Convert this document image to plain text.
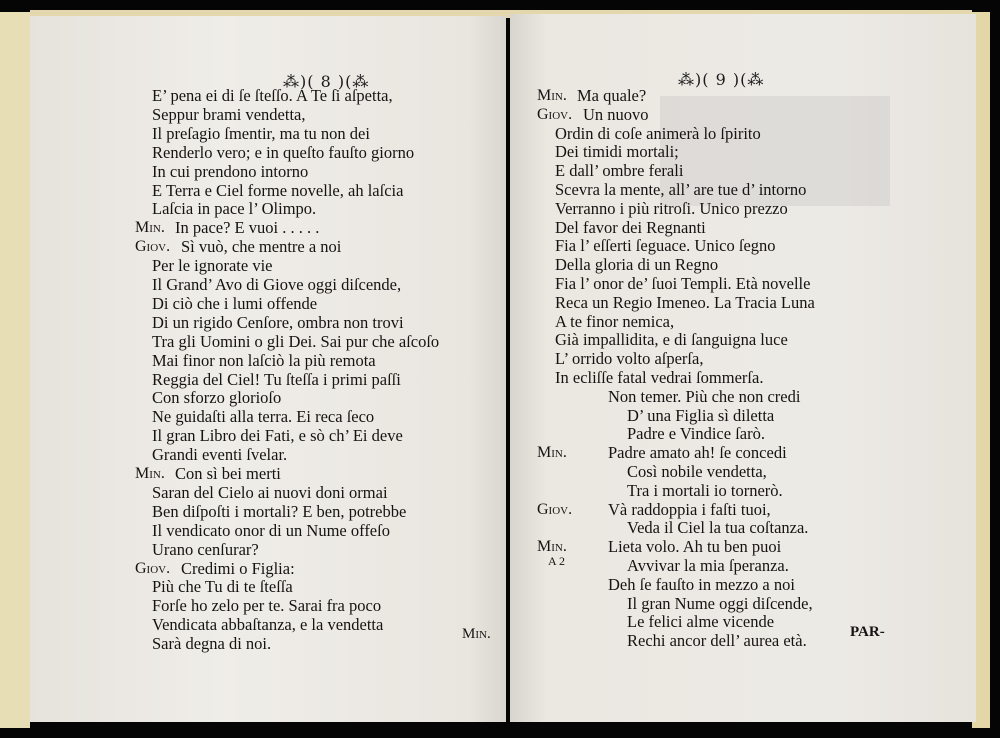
⁂)( 8 )(⁂
Min.
E’ pena ei di ſe ſteſſo. A Te ſi aſpetta,
Seppur brami vendetta,
Il preſagio ſmentir, ma tu non dei
Renderlo vero; e in queſto fauſto giorno
In cui prendono intorno
E Terra e Ciel forme novelle, ah laſcia
Laſcia in pace l’ Olimpo.
Min. In pace? E vuoi . . . . .
Giov. Sì vuò, che mentre a noi
Per le ignorate vie
Il Grand’ Avo di Giove oggi diſcende,
Di ciò che i lumi offende
Di un rigido Cenſore, ombra non trovi
Tra gli Uomini o gli Dei. Sai pur che aſcoſo
Mai finor non laſciò la più remota
Reggia del Ciel! Tu ſteſſa i primi paſſi
Con sforzo glorioſo
Ne guidaſti alla terra. Ei reca ſeco
Il gran Libro dei Fati, e sò ch’ Ei deve
Grandi eventi ſvelar.
Min. Con sì bei merti
Saran del Cielo ai nuovi doni ormai
Ben diſpoſti i mortali? E ben, potrebbe
Il vendicato onor di un Nume offeſo
Urano cenſurar?
Giov. Credimi o Figlia:
Più che Tu di te ſteſſa
Forſe ho zelo per te. Sarai fra poco
Vendicata abbaſtanza, e la vendetta
Sarà degna di noi.
⁂)( 9 )(⁂
A 2
PAR-
Min. Ma quale?
Giov. Un nuovo
Ordin di coſe animerà lo ſpirito
Dei timidi mortali;
E dall’ ombre ferali
Scevra la mente, all’ are tue d’ intorno
Verranno i più ritroſi. Unico prezzo
Del favor dei Regnanti
Fia l’ eſſerti ſeguace. Unico ſegno
Della gloria di un Regno
Fia l’ onor de’ ſuoi Templi. Età novelle
Reca un Regio Imeneo. La Tracia Luna
A te finor nemica,
Già impallidita, e di ſanguigna luce
L’ orrido volto aſperſa,
In ecliſſe fatal vedrai ſommerſa.
Non temer. Più che non credi
D’ una Figlia sì diletta
Padre e Vindice ſarò.
Min. Padre amato ah! ſe concedi
Così nobile vendetta,
Tra i mortali io tornerò.
Giov. Và raddoppia i faſti tuoi,
Veda il Ciel la tua coſtanza.
Min. Lieta volo. Ah tu ben puoi
Avvivar la mia ſperanza.
Deh ſe fauſto in mezzo a noi
Il gran Nume oggi diſcende,
Le felici alme vicende
Rechi ancor dell’ aurea età.
